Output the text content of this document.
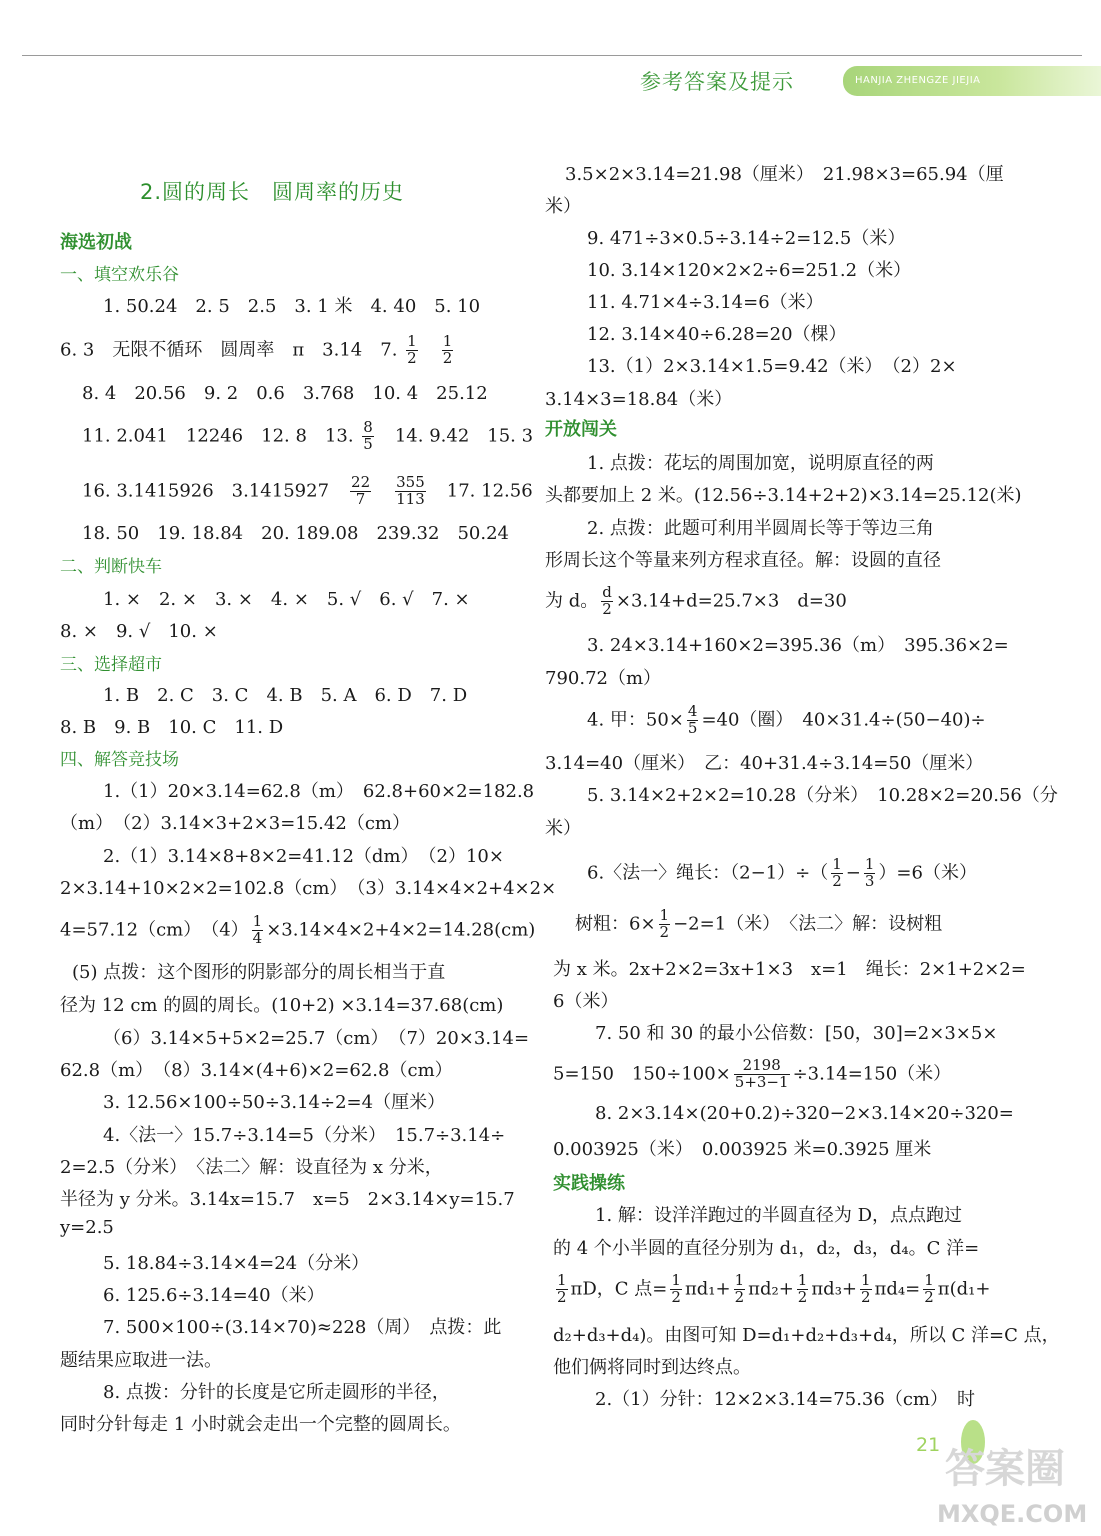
参考答案及提示	HANJIA ZHENGZE JIEJIA
2.圆的周长　圆周率的历史
海选初战
一、填空欢乐谷
1. 50.24　2. 5　2.5　3. 1 米　4. 40　5. 10
6. 3　无限不循环　圆周率　π　3.14　7. $\frac{1}{2}$
　 $\frac{1}{2}$
8. 4　20.56　9. 2　0.6　3.768　10. 4　25.12
11. 2.041　12246　12. 8　13. $\frac{8}{5}$ 　14. 9.42　15. 3
16. 3.1415926　3.1415927　 $\frac{22}{7}$
　 $\frac{355}{113}$ 　17. 12.56
18. 50　19. 18.84　20. 189.08　239.32　50.24
二、判断快车
1. ×　2. ×　3. ×　4. ×　5. √　6. √　7. ×
8. ×　9. √　10. ×
三、选择超市
1. B　2. C　3. C　4. B　5. A　6. D　7. D
8. B　9. B　10. C　11. D
四、解答竞技场
1.（1）20×3.14=62.8（m）　62.8+60×2=182.8
（m）　（2）3.14×3+2×3=15.42（cm）
2.（1）3.14×8+8×2=41.12（dm）　（2）10×
2×3.14+10×2×2=102.8（cm）　（3）3.14×4×2+4×2×
4=57.12（cm）　$(4) \frac{1}{4} \times 3.14\times 4\times 2+4\times 2=14.28(cm)$
(5) 点拨：这个图形的阴影部分的周长相当于直
径为 12 cm 的圆的周长。(10+2) ×3.14=37.68(cm)
（6）3.14×5+5×2=25.7（cm）　（7）20×3.14=
62.8（m）　（8）3.14×(4+6)×2=62.8（cm）
3. 12.56×100÷50÷3.14÷2=4（厘米）
4.〈法一〉15.7÷3.14=5（分米）　15.7÷3.14÷
2=2.5（分米）　〈法二〉解：设直径为 x 分米，
半径为 y 分米。3.14x=15.7　x=5　2×3.14×y=15.7
y=2.5
5. 18.84÷3.14×4=24（分米）
6. 125.6÷3.14=40（米）
7. 500×100÷(3.14×70)≈228（周）　点拨：此
题结果应取进一法。
8. 点拨：分针的长度是它所走圆形的半径，
同时分针每走 1 小时就会走出一个完整的圆周长。
3.5×2×3.14=21.98（厘米）　21.98×3=65.94（厘
米）
9. 471÷3×0.5÷3.14÷2=12.5（米）
10. 3.14×120×2×2÷6=251.2（米）
11. 4.71×4÷3.14=6（米）
12. 3.14×40÷6.28=20（棵）
13.（1）2×3.14×1.5=9.42（米）　（2）2×
3.14×3=18.84（米）
开放闯关
1. 点拨：花坛的周围加宽，说明原直径的两
头都要加上 2 米。(12.56÷3.14+2+2)×3.14=25.12(米)
2. 点拨：此题可利用半圆周长等于等边三角
形周长这个等量来列方程求直径。解：设圆的直径
为 d。 $\frac{d}{2} \times 3.14+d=25.7\times 3$　d=30
3. 24×3.14+160×2=395.36（m）　395.36×2=
790.72（m）
4. 甲：$50\times \frac{4}{5} =40$（圈）　40×31.4÷(50−40)÷
3.14=40（厘米）　乙：40+31.4÷3.14=50（厘米）
5. 3.14×2+2×2=10.28（分米）　10.28×2=20.56（分
米）
6.〈法一〉绳长：$(2-1)\div( \frac{1}{2} - \frac{1}{3} )=6$（米）
树粗：$6\times \frac{1}{2} -2=1$（米）　〈法二〉解：设树粗
为 x 米。2x+2×2=3x+1×3　x=1　绳长：2×1+2×2=
6（米）
7. 50 和 30 的最小公倍数：[50，30]=2×3×5×
5=150　$150\div 100\times \frac{2198}{5+3-1} \div 3.14=150$（米）
8. 2×3.14×(20+0.2)÷320−2×3.14×20÷320=
0.003925（米）　0.003925 米=0.3925 厘米
实践操练
1. 解：设洋洋跑过的半圆直径为 D，点点跑过
的 4 个小半圆的直径分别为 d₁，d₂，d₃，d₄。C 洋=
$\frac{1}{2}$ πD，C 点= $\frac{1}{2} \pi d_1+ \frac{1}{2} \pi d_2+ \frac{1}{2} \pi d_3+ \frac{1}{2} \pi d_4= \frac{1}{2} \pi(d_1+$
d₂+d₃+d₄)。由图可知 D=d₁+d₂+d₃+d₄，所以 C 洋=C 点，
他们俩将同时到达终点。
2.（1）分针：12×2×3.14=75.36（cm）　时
21
答案圈
MXQE.COM
